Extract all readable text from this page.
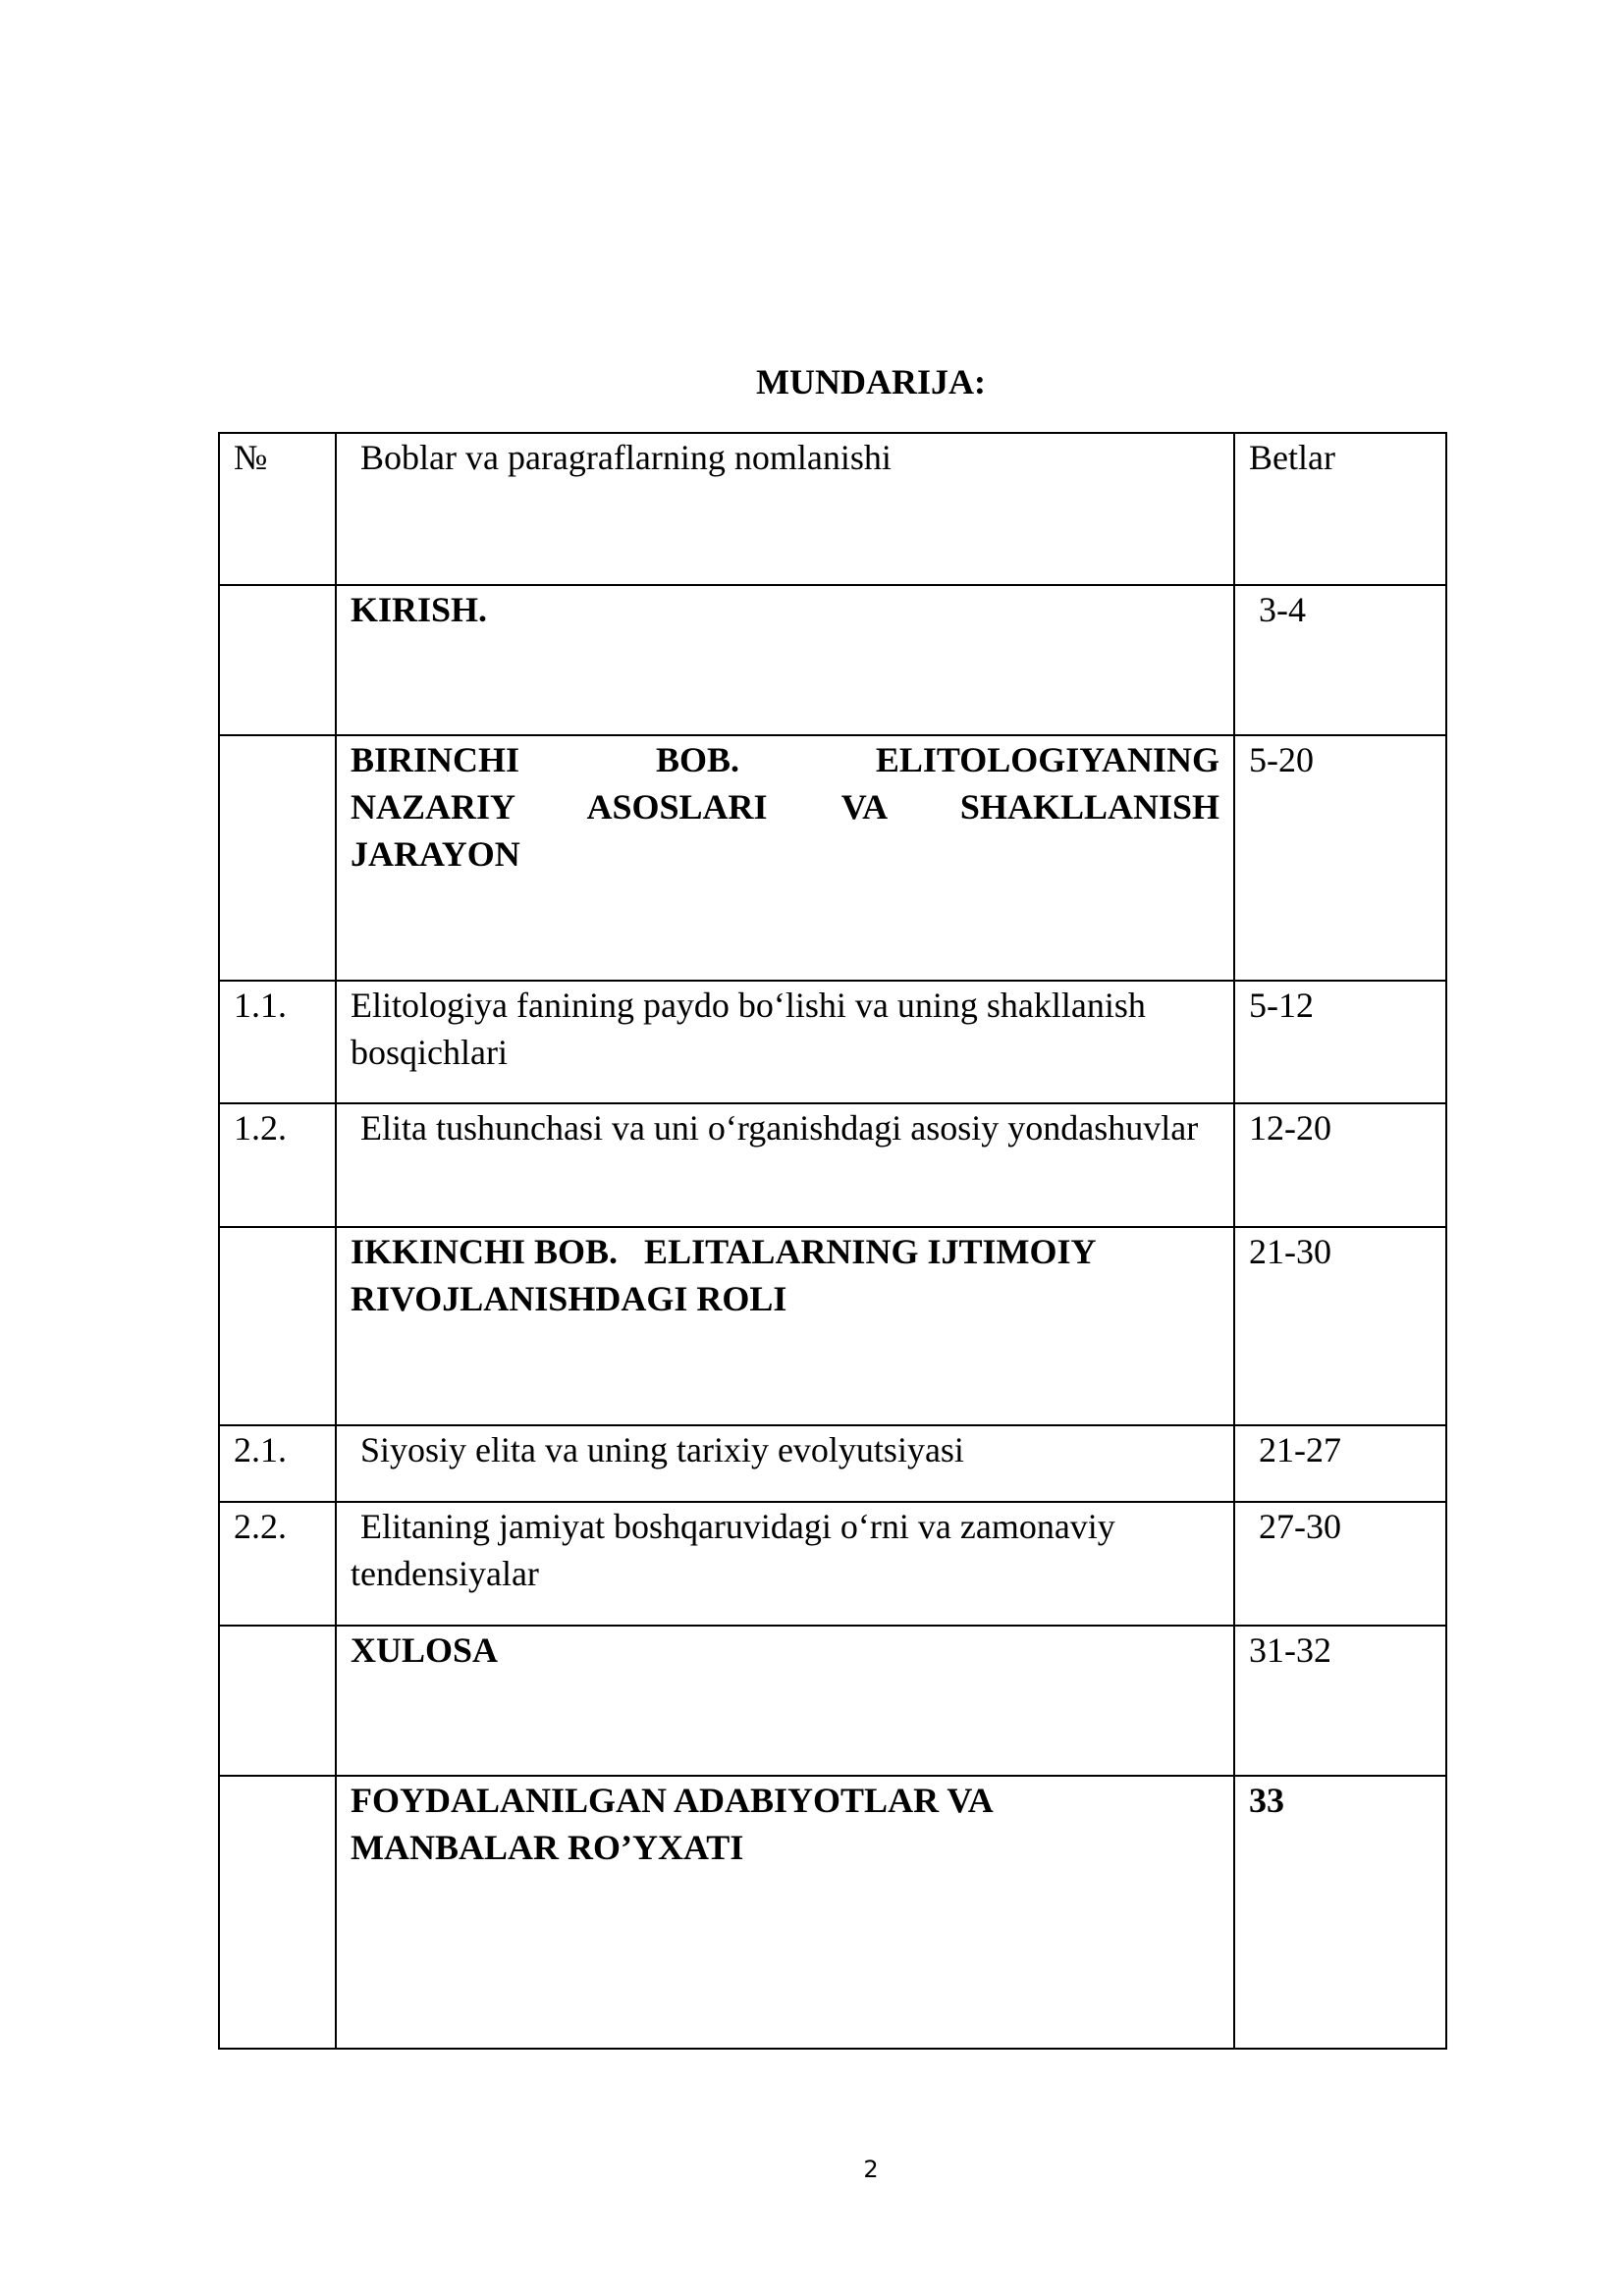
MUNDARIJA:
№	Boblar va paragraflarning nomlanishi	Betlar
	KIRISH.	3-4

	BIRINCHI BOB. ELITOLOGIYANING
NAZARIY ASOSLARI VA SHAKLLANISH
JARAYON	5-20
1.1.	Elitologiya fanining paydo bo‘lishi va uning shakllanish bosqichlari	5-12
1.2.	Elita tushunchasi va uni o‘rganishdagi asosiy yondashuvlar	12-20

	IKKINCHI BOB.   ELITALARNING IJTIMOIY
RIVOJLANISHDAGI ROLI	21-30
2.1.	Siyosiy elita va uning tarixiy evolyutsiyasi	21-27
2.2.	Elitaning jamiyat boshqaruvidagi o‘rni va zamonaviy tendensiyalar	27-30
	XULOSA	31-32

	FOYDALANILGAN ADABIYOTLAR VA
MANBALAR RO’YXATI	33
2
